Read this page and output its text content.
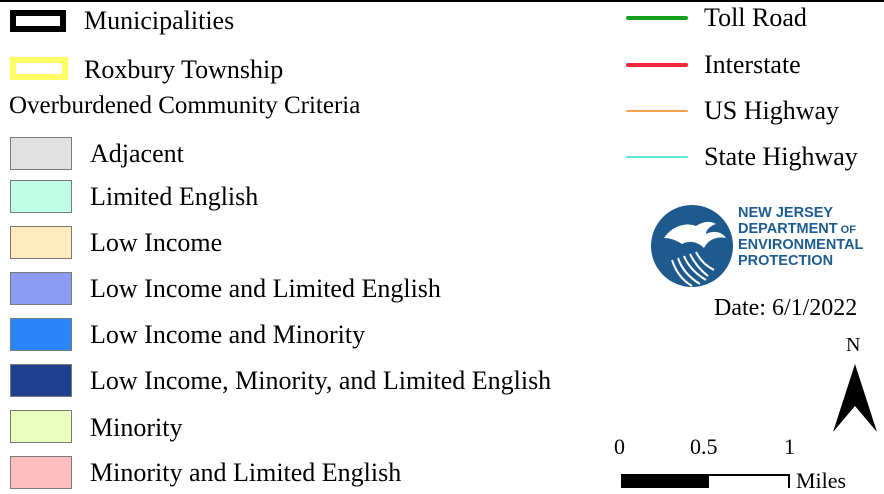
Municipalities
Roxbury Township
Overburdened Community Criteria
Adjacent
Limited English
Low Income
Low Income and Limited English
Low Income and Minority
Low Income, Minority, and Limited English
Minority
Minority and Limited English
Toll Road
Interstate
US Highway
State Highway
NEW JERSEY
DEPARTMENT OF
ENVIRONMENTAL
PROTECTION
Date: 6/1/2022
N
0	0.5	1
Miles
